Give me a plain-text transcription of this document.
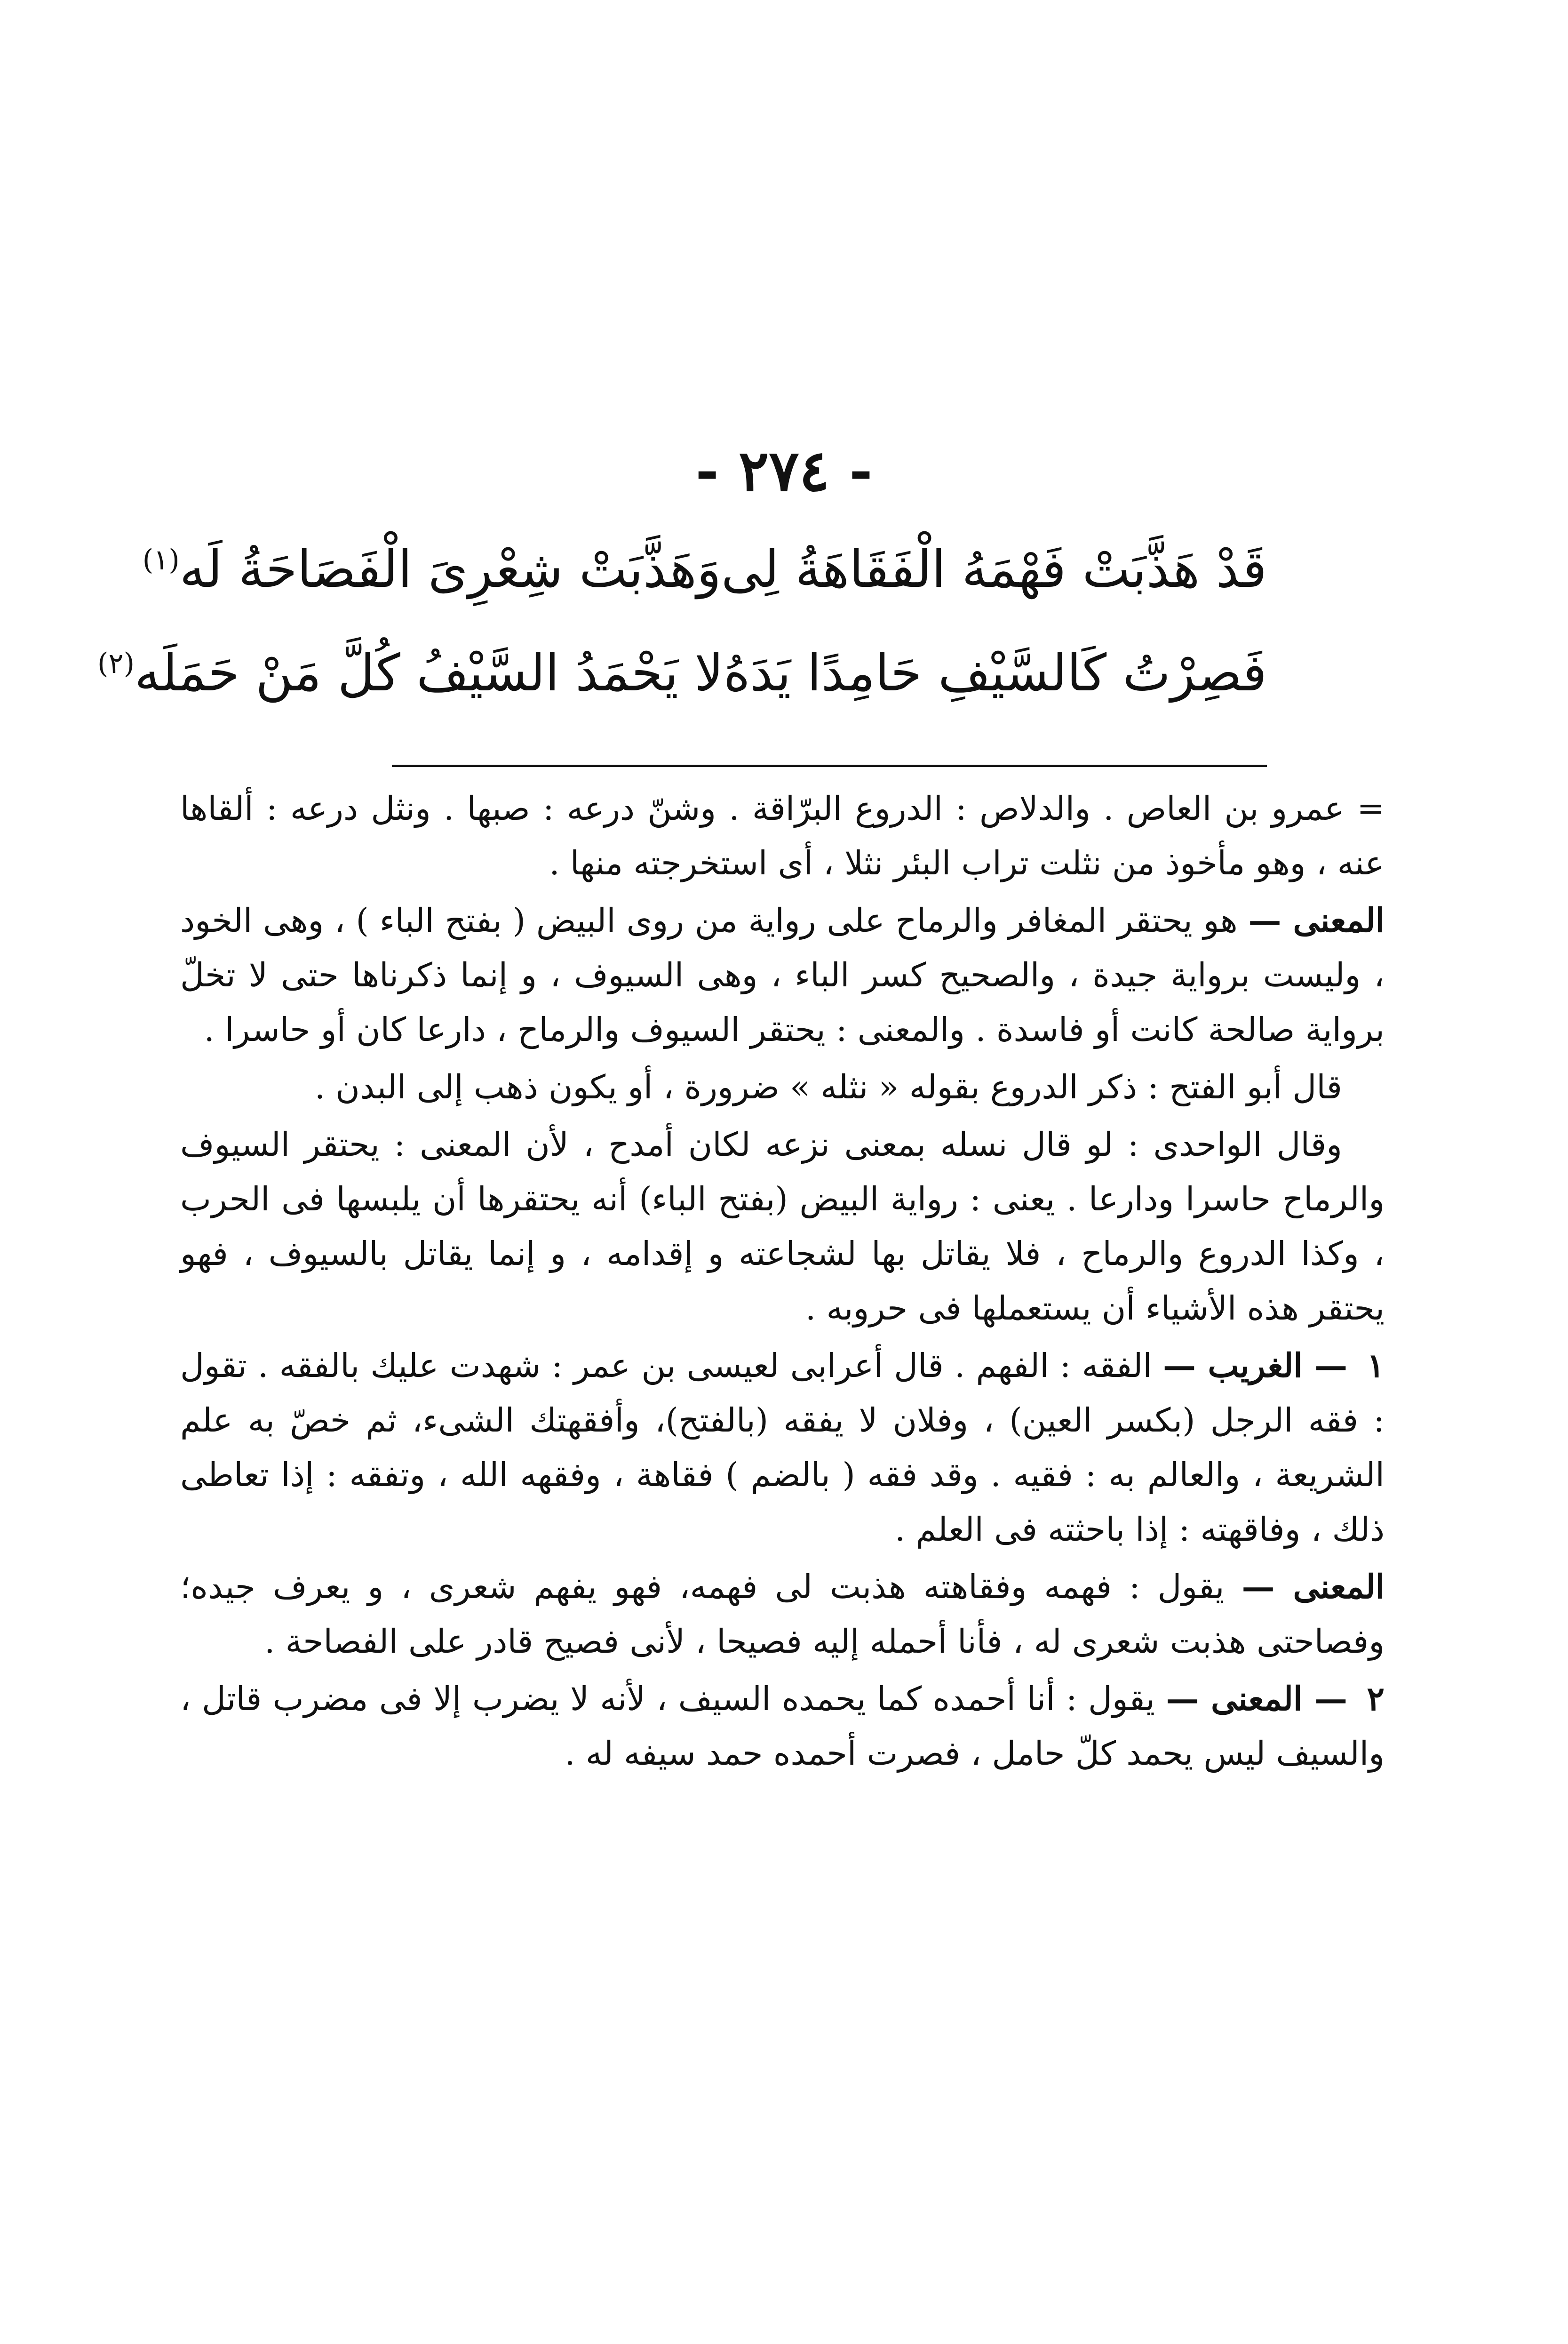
- ٢٧٤ -
قَدْ هَذَّبَتْ فَهْمَهُ الْفَقَاهَةُ لِى
وَهَذَّبَتْ شِعْرِىَ الْفَصَاحَةُ لَه$^{(١)}$
فَصِرْتُ كَالسَّيْفِ حَامِدًا يَدَهُ
لا يَحْمَدُ السَّيْفُ كُلَّ مَنْ حَمَلَه$^{(٢)}$

= عمرو بن العاص . والدلاص : الدروع البرّاقة . وشنّ درعه : صبها . ونثل درعه : ألقاها عنه ، وهو مأخوذ من نثلت تراب البئر نثلا ، أى استخرجته منها .

المعنى — هو يحتقر المغافر والرماح على رواية من روى البيض ( بفتح الباء ) ، وهى الخود ، وليست برواية جيدة ، والصحيح كسر الباء ، وهى السيوف ، و إنما ذكرناها حتى لا تخلّ برواية صالحة كانت أو فاسدة . والمعنى : يحتقر السيوف والرماح ، دارعا كان أو حاسرا .

قال أبو الفتح : ذكر الدروع بقوله « نثله » ضرورة ، أو يكون ذهب إلى البدن .

وقال الواحدى : لو قال نسله بمعنى نزعه لكان أمدح ، لأن المعنى : يحتقر السيوف والرماح حاسرا ودارعا . يعنى : رواية البيض (بفتح الباء) أنه يحتقرها أن يلبسها فى الحرب ، وكذا الدروع والرماح ، فلا يقاتل بها لشجاعته و إقدامه ، و إنما يقاتل بالسيوف ، فهو يحتقر هذه الأشياء أن يستعملها فى حروبه .

١ — الغريب — الفقه : الفهم . قال أعرابى لعيسى بن عمر : شهدت عليك بالفقه . تقول : فقه الرجل (بكسر العين) ، وفلان لا يفقه (بالفتح)، وأفقهتك الشىء، ثم خصّ به علم الشريعة ، والعالم به : فقيه . وقد فقه ( بالضم ) فقاهة ، وفقهه الله ، وتفقه : إذا تعاطى ذلك ، وفاقهته : إذا باحثته فى العلم .

المعنى — يقول : فهمه وفقاهته هذبت لى فهمه، فهو يفهم شعرى ، و يعرف جيده؛ وفصاحتى هذبت شعرى له ، فأنا أحمله إليه فصيحا ، لأنى فصيح قادر على الفصاحة .

٢ — المعنى — يقول : أنا أحمده كما يحمده السيف ، لأنه لا يضرب إلا فى مضرب قاتل ، والسيف ليس يحمد كلّ حامل ، فصرت أحمده حمد سيفه له .
